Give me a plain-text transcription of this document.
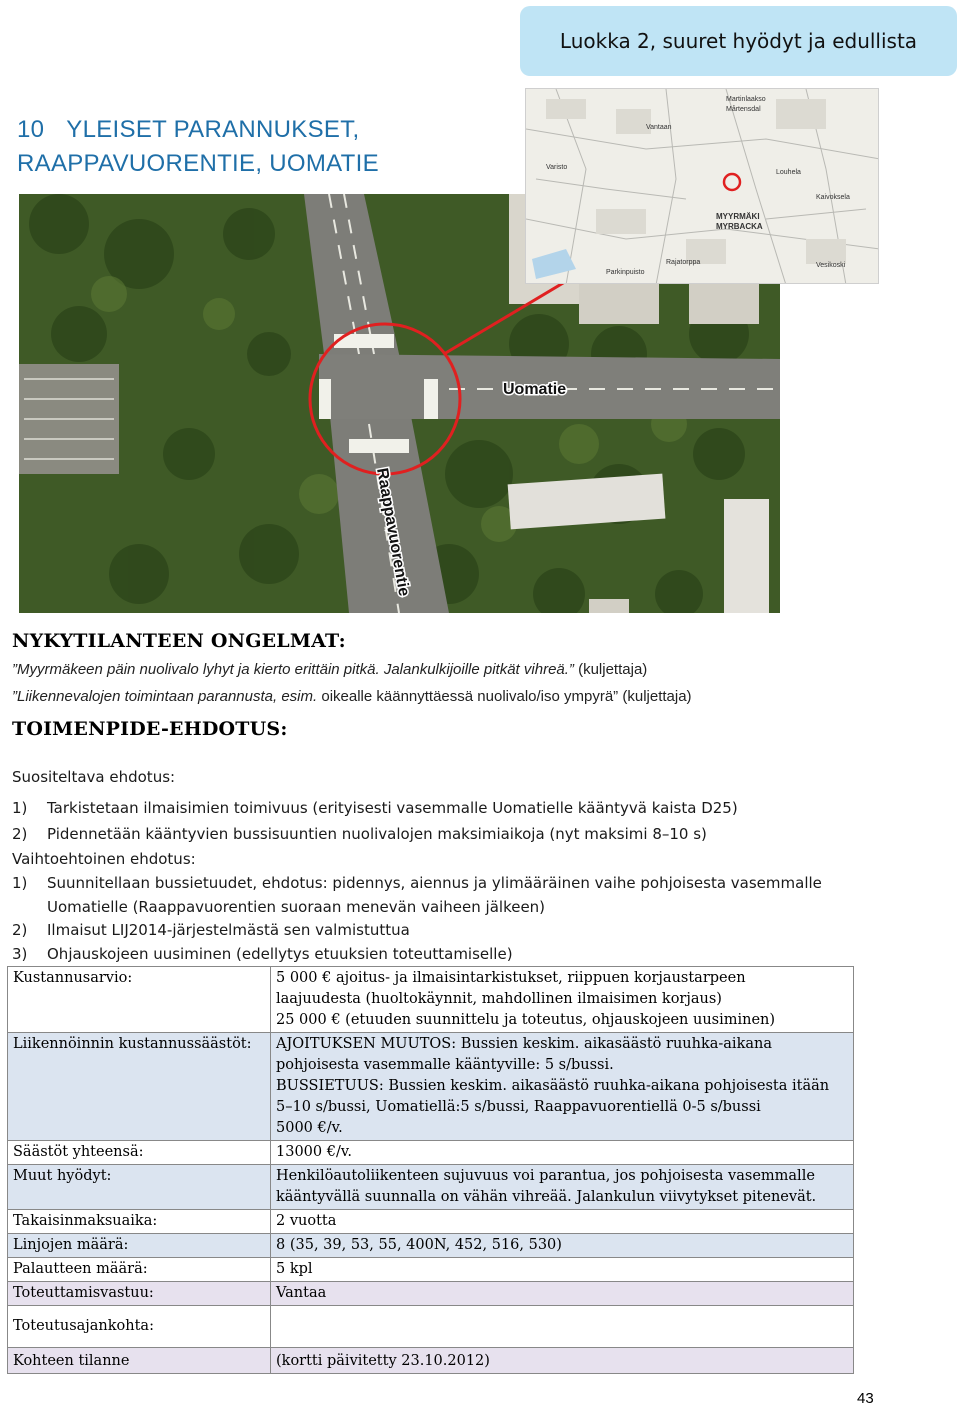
Luokka 2, suuret hyödyt ja edullista
10 YLEISET PARANNUKSET,
RAAPPAVUORENTIE, UOMATIE
Uomatie
Raappavuorentie
Martinlaakso
Mårtensdal
Varisto
Vantaan
Louhela
Kaivoksela
MYYRMÄKI
MYRBACKA
Parkinpuisto
Rajatorppa	Vesikoski
NYKYTILANTEEN ONGELMAT:
”Myyrmäkeen päin nuolivalo lyhyt ja kierto erittäin pitkä. Jalankulkijoille pitkät vihreä.” (kuljettaja)
”Liikennevalojen toimintaan parannusta, esim. oikealle käännyttäessä nuolivalo/iso ympyrä” (kuljettaja)
TOIMENPIDE-EHDOTUS:
Suositeltava ehdotus:
1) Tarkistetaan ilmaisimien toimivuus (erityisesti vasemmalle Uomatielle kääntyvä kaista D25)
2) Pidennetään kääntyvien bussisuuntien nuolivalojen maksimiaikoja (nyt maksimi 8–10 s)
Vaihtoehtoinen ehdotus:
1) Suunnitellaan bussietuudet, ehdotus: pidennys, aiennus ja ylimääräinen vaihe pohjoisesta vasemmalle
Uomatielle (Raappavuorentien suoraan menevän vaiheen jälkeen)
2) Ilmaisut LIJ2014-järjestelmästä sen valmistuttua
3) Ohjauskojeen uusiminen (edellytys etuuksien toteuttamiselle)
Kustannusarvio:	5 000 € ajoitus- ja ilmaisintarkistukset, riippuen korjaustarpeen
laajuudesta (huoltokäynnit, mahdollinen ilmaisimen korjaus)
25 000 € (etuuden suunnittelu ja toteutus, ohjauskojeen uusiminen)

Liikennöinnin kustannussäästöt:	AJOITUKSEN MUUTOS: Bussien keskim. aikasäästö ruuhka-aikana
pohjoisesta vasemmalle kääntyville: 5 s/bussi.
BUSSIETUUS: Bussien keskim. aikasäästö ruuhka-aikana pohjoisesta itään
5–10 s/bussi, Uomatiellä:5 s/bussi, Raappavuorentiellä 0-5 s/bussi
5000 €/v.

Säästöt yhteensä:	13000 €/v.
Muut hyödyt:	Henkilöautoliikenteen sujuvuus voi parantua, jos pohjoisesta vasemmalle
kääntyvällä suunnalla on vähän vihreää. Jalankulun viivytykset pitenevät.

Takaisinmaksuaika:	2 vuotta
Linjojen määrä:	8 (35, 39, 53, 55, 400N, 452, 516, 530)
Palautteen määrä:	5 kpl
Toteuttamisvastuu:	Vantaa
Toteutusajankohta:	
Kohteen tilanne	(kortti päivitetty 23.10.2012)
43
